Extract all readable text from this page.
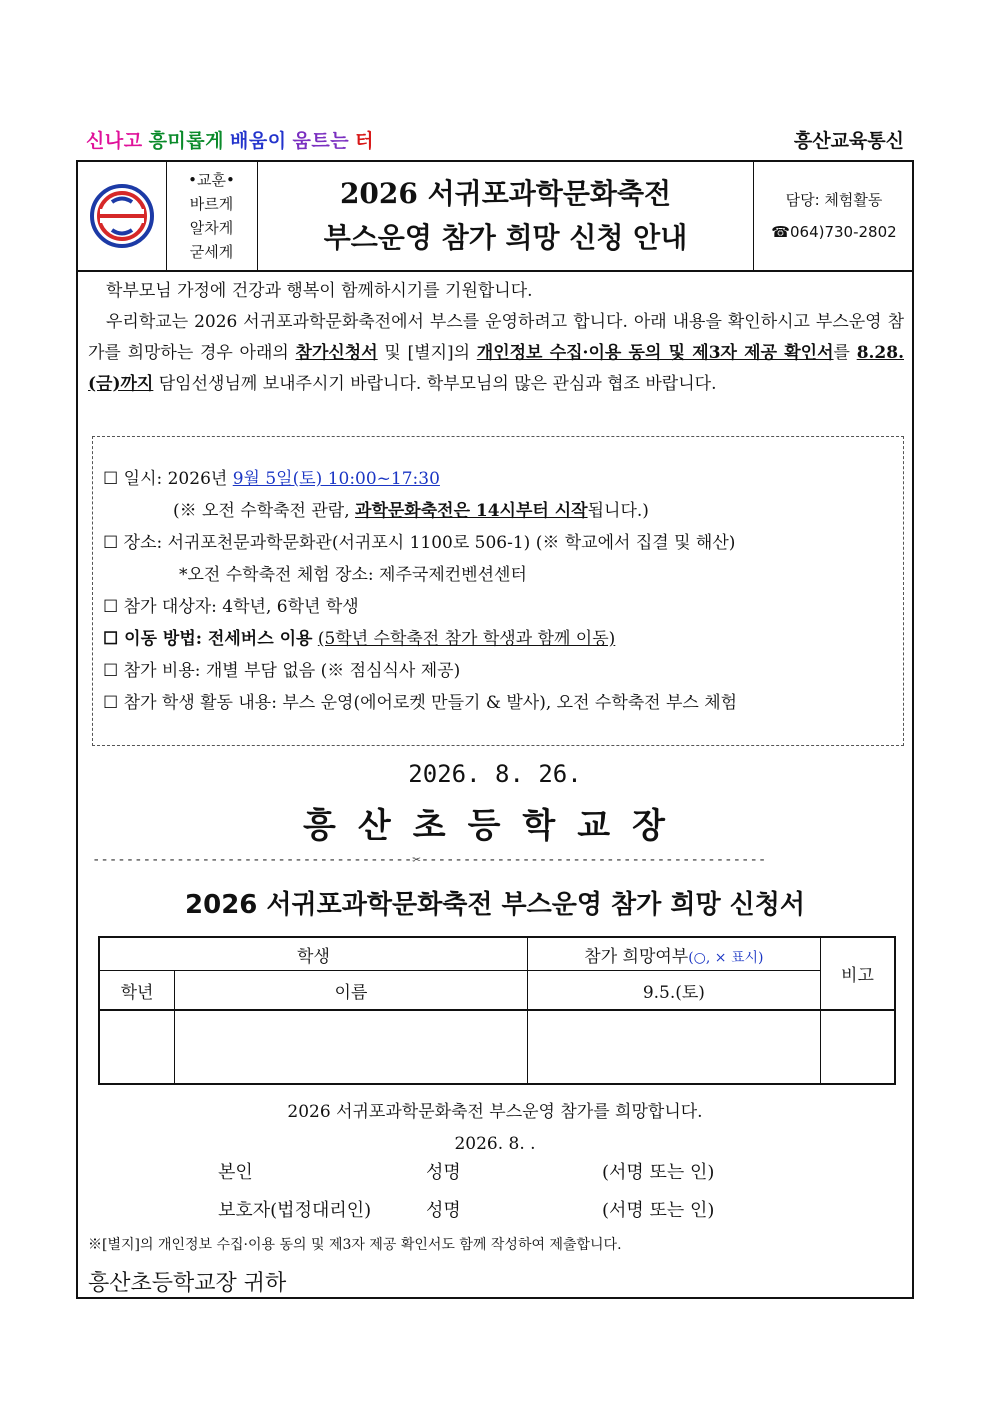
신나고 흥미롭게 배움이 움트는 터	흥산교육통신
•교훈•
바르게
알차게
굳세게
2026 서귀포과학문화축전
부스운영 참가 희망 신청 안내
담당: 체험활동
☎064)730-2802

학부모님 가정에 건강과 행복이 함께하시기를 기원합니다.

우리학교는 2026 서귀포과학문화축전에서 부스를 운영하려고 합니다. 아래 내용을 확인하시고 부스운영 참가를 희망하는 경우 아래의 참가신청서 및 [별지]의 개인정보 수집·이용 동의 및 제3자 제공 확인서를 8.28.(금)까지 담임선생님께 보내주시기 바랍니다. 학부모님의 많은 관심과 협조 바랍니다.

☐ 일시: 2026년 9월 5일(토) 10:00~17:30
(※ 오전 수학축전 관람, 과학문화축전은 14시부터 시작됩니다.)
☐ 장소: 서귀포천문과학문화관(서귀포시 1100로 506-1) (※ 학교에서 집결 및 해산)
*오전 수학축전 체험 장소: 제주국제컨벤션센터
☐ 참가 대상자: 4학년, 6학년 학생
☐ 이동 방법: 전세버스 이용 (5학년 수학축전 참가 학생과 함께 이동)
☐ 참가 비용: 개별 부담 없음 (※ 점심식사 제공)
☐ 참가 학생 활동 내용: 부스 운영(에어로켓 만들기 & 발사), 오전 수학축전 부스 체험
2026. 8. 26.
흥산초등학교장
--------------------------------------✂-----------------------------------------
2026 서귀포과학문화축전 부스운영 참가 희망 신청서
학생		참가 희망여부(○, × 표시)	비고
학년	이름	9.5.(토)	

2026 서귀포과학문화축전 부스운영 참가를 희망합니다.
2026. 8. .
본인	성명	(서명 또는 인)
보호자(법정대리인)	성명	(서명 또는 인)
※[별지]의 개인정보 수집·이용 동의 및 제3자 제공 확인서도 함께 작성하여 제출합니다.
흥산초등학교장 귀하
